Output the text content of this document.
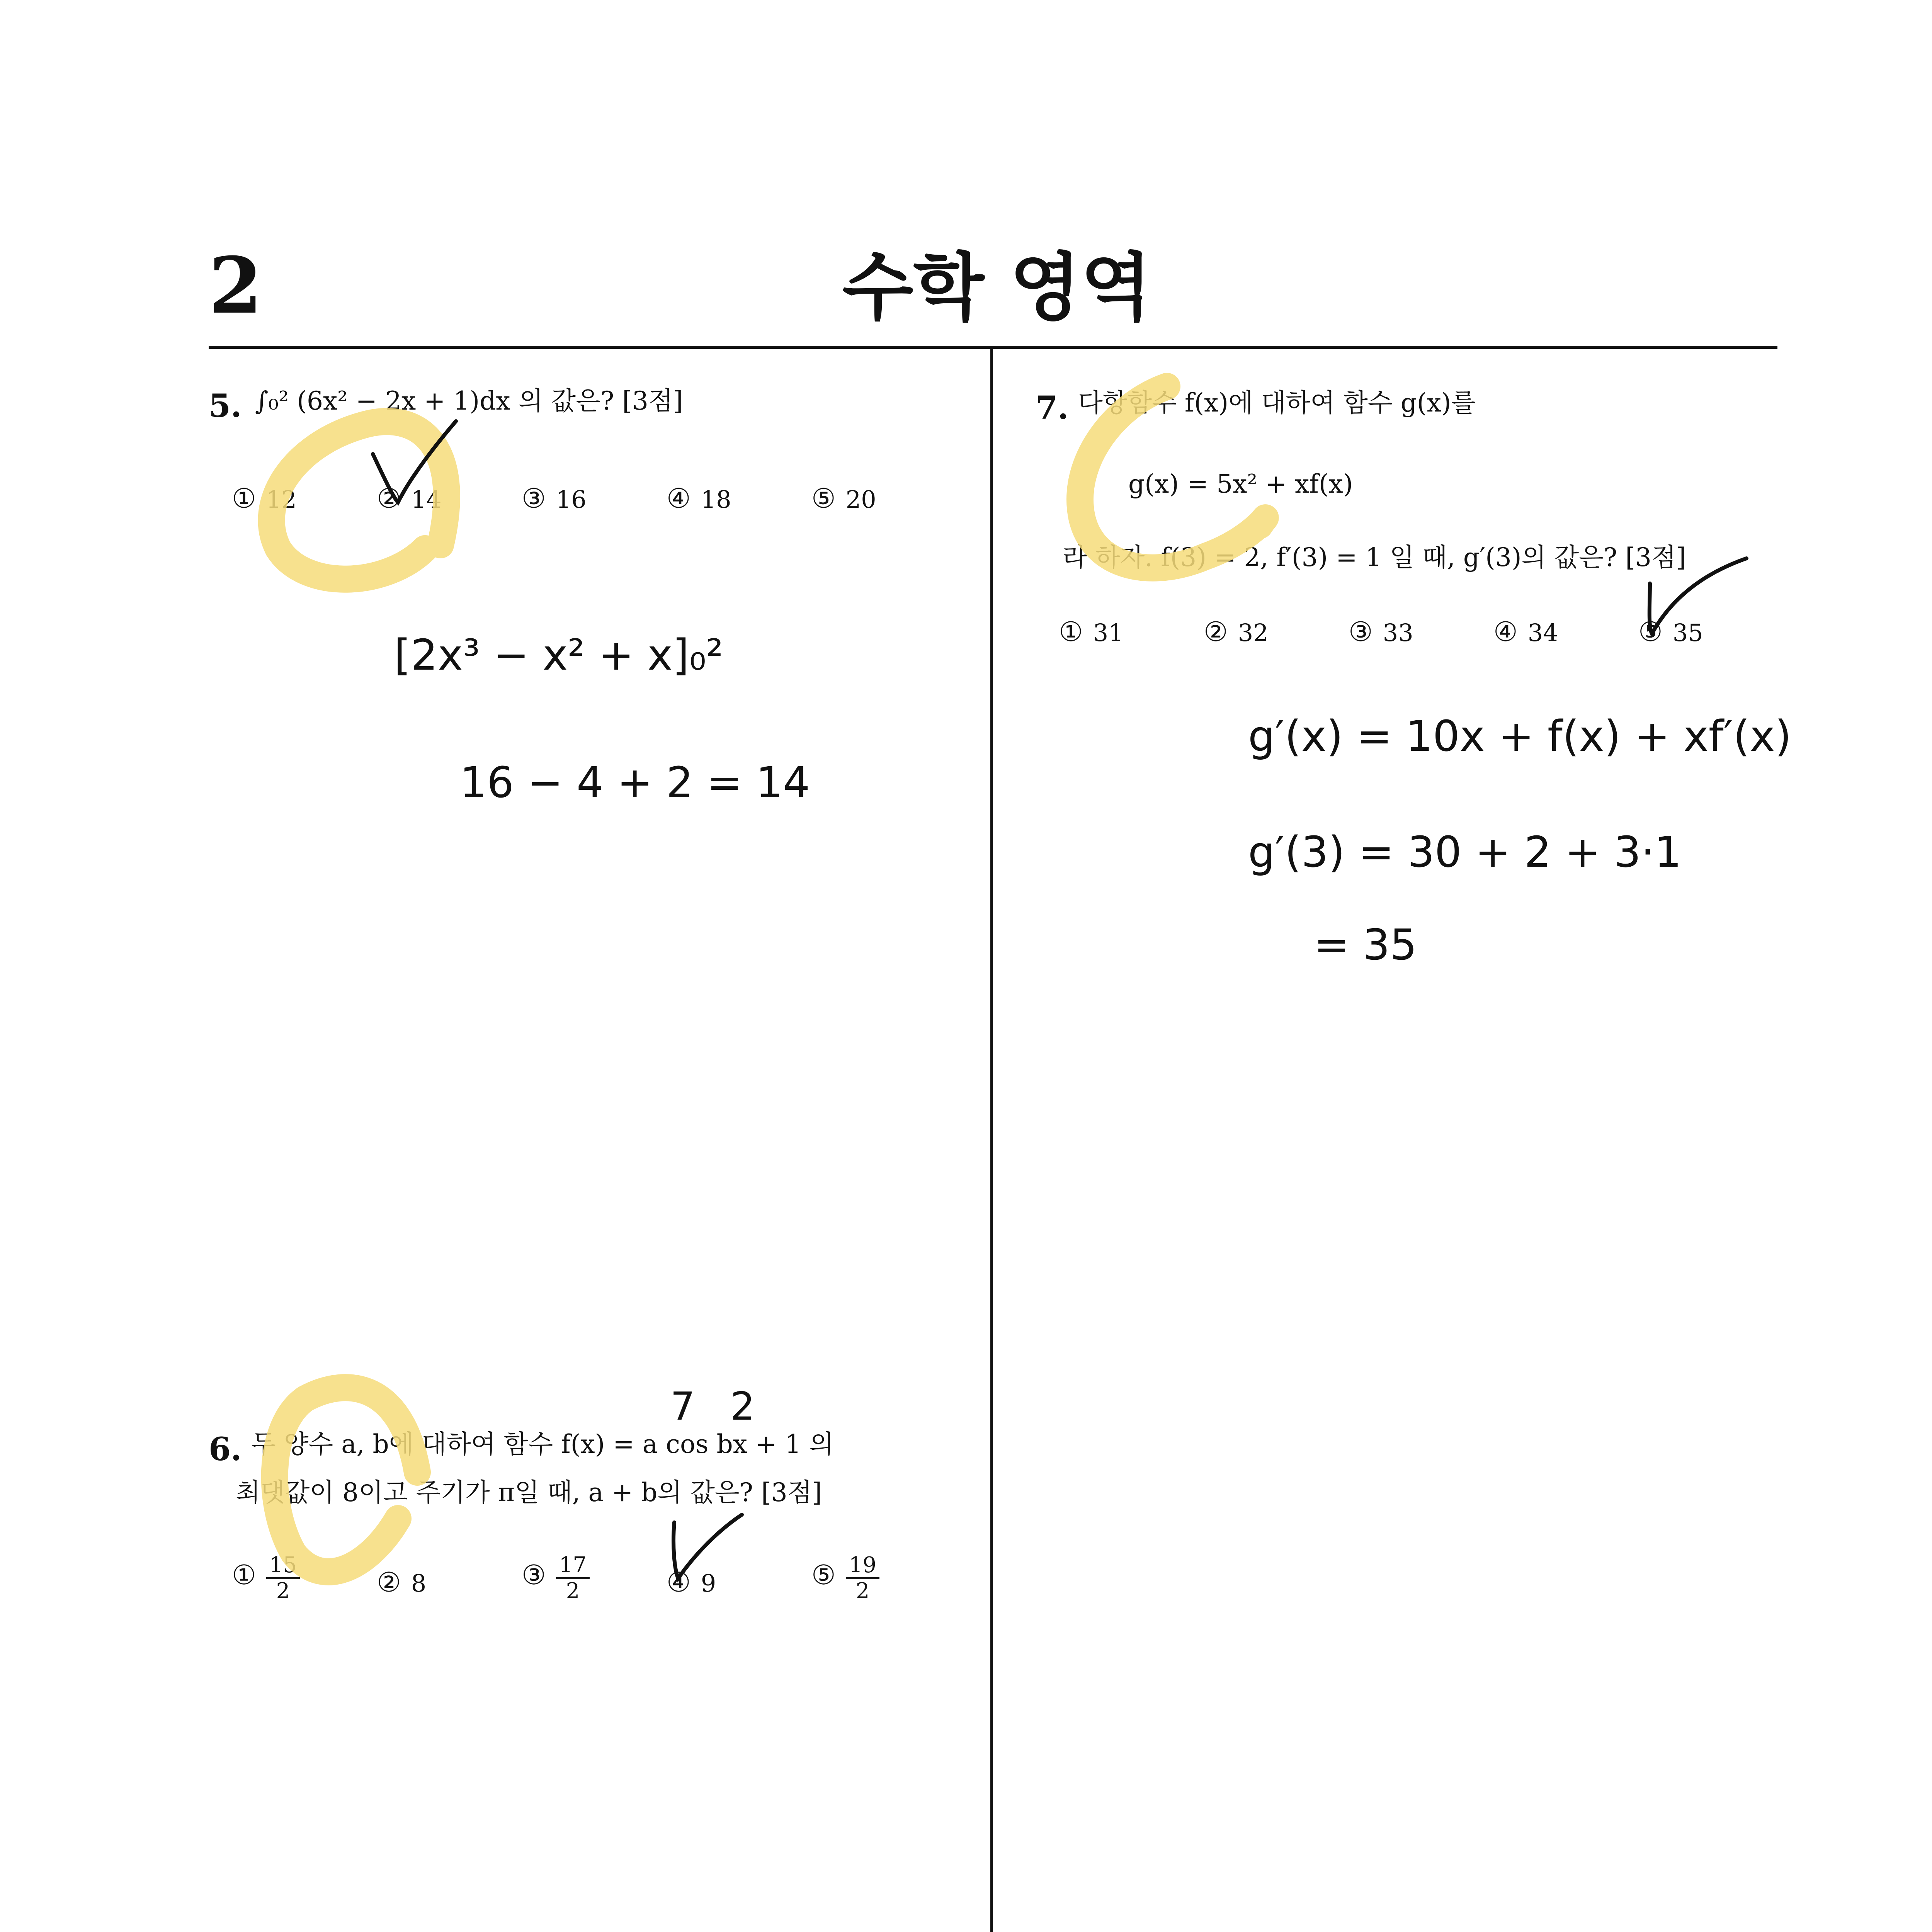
2	수학 영역
5. ∫₀² (6x² − 2x + 1)dx 의 값은? [3점]
① 12	② 14	③ 16	④ 18	⑤ 20
[2x³ − x² + x]₀²
16 − 4 + 2 = 14
6. 두 양수 a, b에 대하여 함수 f(x) = a cos bx + 1 의
최댓값이 8이고 주기가 π일 때, a + b의 값은? [3점]
① $\frac{15}{2}$	② 8	③ $\frac{17}{2}$	④ 9	⑤ $\frac{19}{2}$
7 2
7. 다항함수 f(x)에 대하여 함수 g(x)를
g(x) = 5x² + xf(x)
라 하자. f(3) = 2, f′(3) = 1 일 때, g′(3)의 값은? [3점]
① 31	② 32	③ 33	④ 34	⑤ 35
g′(x) = 10x + f(x) + xf′(x)
g′(3) = 30 + 2 + 3·1
= 35
